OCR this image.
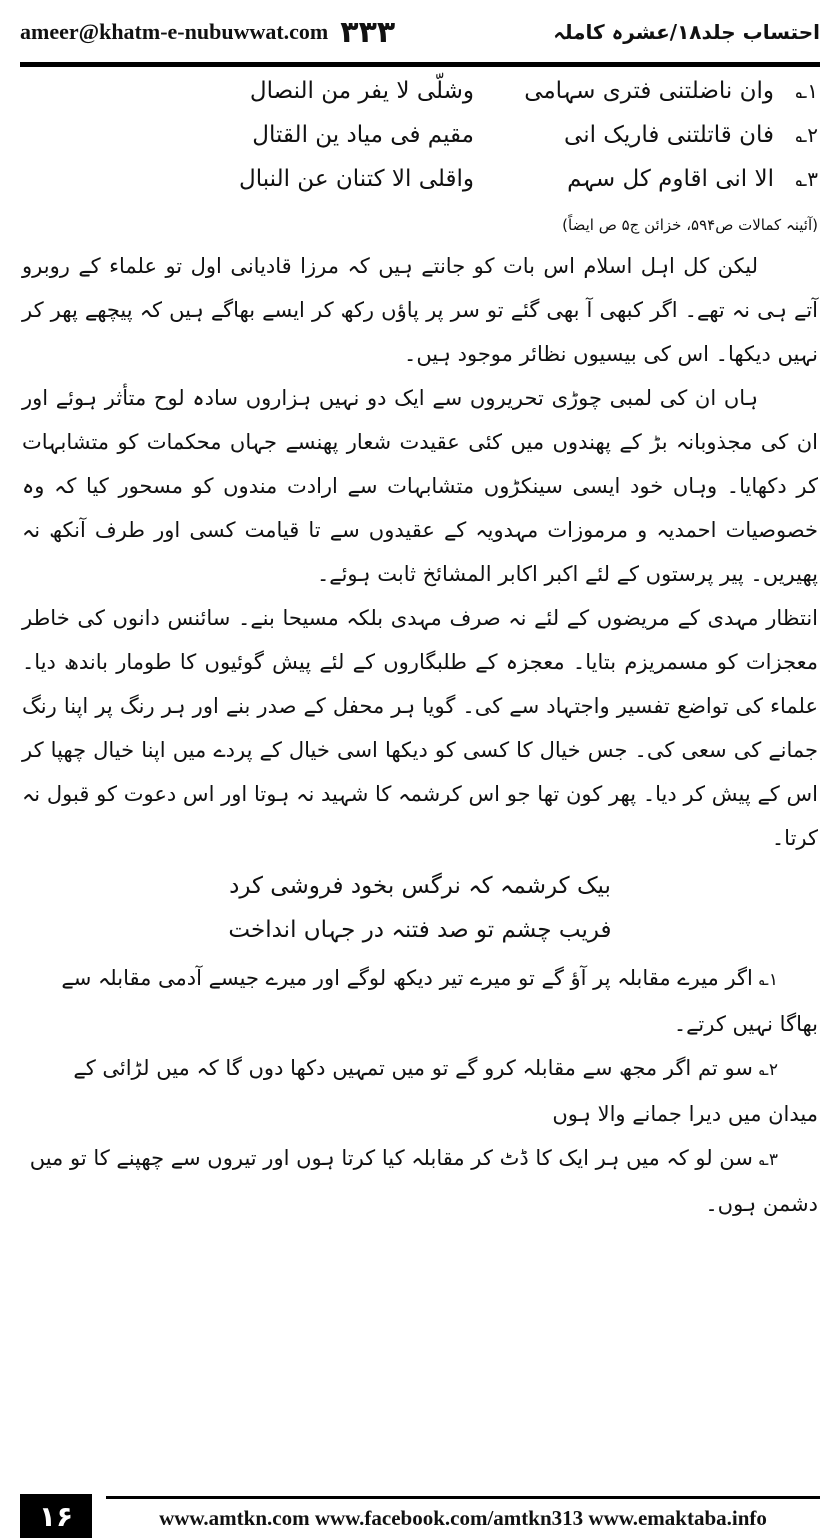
ameer@khatm-e-nubuwwat.com ۳۳۳	احتساب جلد۱۸/عشرہ کاملہ
۱؎
وان ناضلتنی فتری سہامی
وشلّی لا یفر من النصال
۲؎
فان قاتلتنی فاریک انی
مقیم فی میاد ین القتال
۳؎
الا انی اقاوم کل سہم
واقلی الا کتنان عن النبال
(آئینہ کمالات ص۵۹۴، خزائن ج۵ ص ایضاً)

لیکن کل اہل اسلام اس بات کو جانتے ہیں کہ مرزا قادیانی اول تو علماء کے روبرو آتے ہی نہ تھے۔ اگر کبھی آ بھی گئے تو سر پر پاؤں رکھ کر ایسے بھاگے ہیں کہ پیچھے پھر کر نہیں دیکھا۔ اس کی بیسیوں نظائر موجود ہیں۔

ہاں ان کی لمبی چوڑی تحریروں سے ایک دو نہیں ہزاروں سادہ لوح متأثر ہوئے اور ان کی مجذوبانہ بڑ کے پھندوں میں کئی عقیدت شعار پھنسے جہاں محکمات کو متشابہات کر دکھایا۔ وہاں خود ایسی سینکڑوں متشابہات سے ارادت مندوں کو مسحور کیا کہ وہ خصوصیات احمدیہ و مرموزات مہدویہ کے عقیدوں سے تا قیامت کسی اور طرف آنکھ نہ پھیریں۔ پیر پرستوں کے لئے اکبر اکابر المشائخ ثابت ہوئے۔

انتظار مہدی کے مریضوں کے لئے نہ صرف مہدی بلکہ مسیحا بنے۔ سائنس دانوں کی خاطر معجزات کو مسمریزم بتایا۔ معجزہ کے طلبگاروں کے لئے پیش گوئیوں کا طومار باندھ دیا۔ علماء کی تواضع تفسیر واجتہاد سے کی۔ گویا ہر محفل کے صدر بنے اور ہر رنگ پر اپنا رنگ جمانے کی سعی کی۔ جس خیال کا کسی کو دیکھا اسی خیال کے پردے میں اپنا خیال چھپا کر اس کے پیش کر دیا۔ پھر کون تھا جو اس کرشمہ کا شہید نہ ہوتا اور اس دعوت کو قبول نہ کرتا۔

بیک کرشمہ کہ نرگس بخود فروشی کرد
فریب چشم تو صد فتنہ در جہاں انداخت

۱؎اگر میرے مقابلہ پر آؤ گے تو میرے تیر دیکھ لوگے اور میرے جیسے آدمی مقابلہ سے بھاگا نہیں کرتے۔

۲؎سو تم اگر مجھ سے مقابلہ کرو گے تو میں تمہیں دکھا دوں گا کہ میں لڑائی کے میدان میں دیرا جمانے والا ہوں

۳؎سن لو کہ میں ہر ایک کا ڈٹ کر مقابلہ کیا کرتا ہوں اور تیروں سے چھپنے کا تو میں دشمن ہوں۔

۱۶	www.amtkn.com www.facebook.com/amtkn313 www.emaktaba.info
